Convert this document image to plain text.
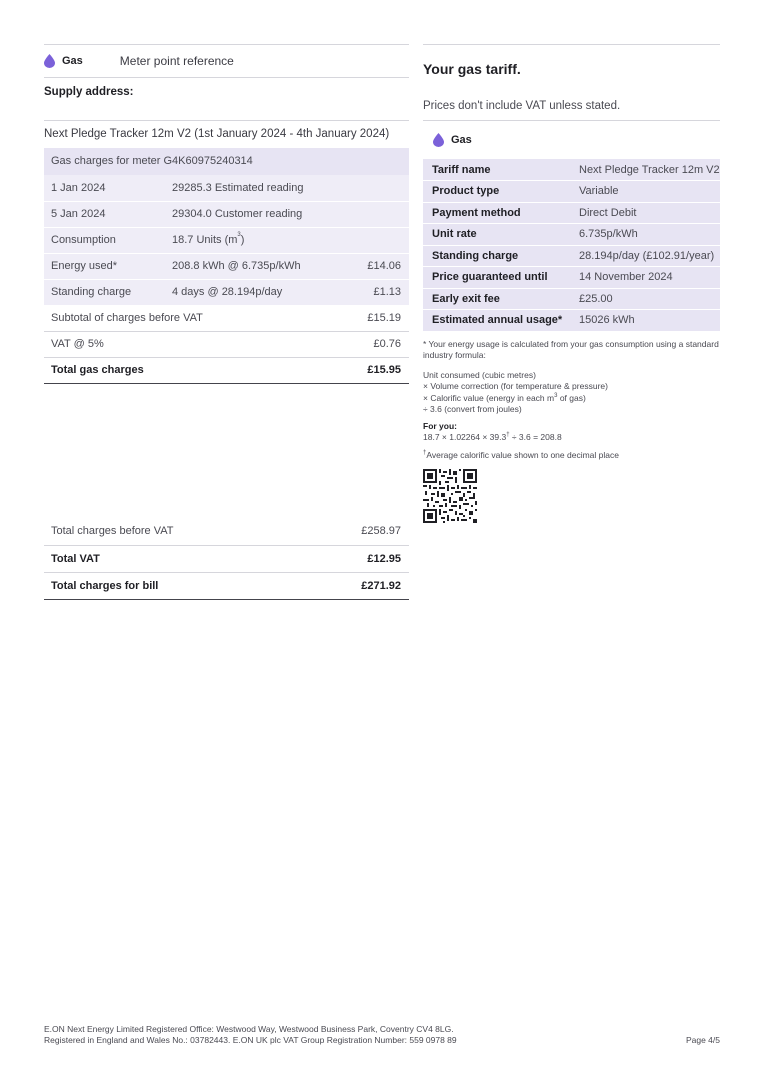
Gas	Meter point reference
Supply address:
Next Pledge Tracker 12m V2 (1st January 2024 - 4th January 2024)
Gas charges for meter G4K60975240314
1 Jan 2024	29285.3 Estimated reading	
5 Jan 2024	29304.0 Customer reading	
Consumption	18.7 Units $(m^3)$	
Energy used*	208.8 kWh @ 6.735p/kWh	£14.06
Standing charge	4 days @ 28.194p/day	£1.13
Subtotal of charges before VAT		£15.19
VAT @ 5%		£0.76
Total gas charges		£15.95
Total charges before VAT	£258.97
Total VAT	£12.95
Total charges for bill	£271.92
Your gas tariff.
Prices don't include VAT unless stated.
Gas
Tariff name	Next Pledge Tracker 12m V2
Product type	Variable
Payment method	Direct Debit
Unit rate	6.735p/kWh
Standing charge	28.194p/day (£102.91/year)
Price guaranteed until	14 November 2024
Early exit fee	£25.00
Estimated annual usage*	15026 kWh
* Your energy usage is calculated from your gas consumption using a standard industry formula:
Unit consumed (cubic metres)
× Volume correction (for temperature & pressure)
× Calorific value (energy in each $m^3$ of gas)
÷ 3.6 (convert from joules)
For you:
18.7 × 1.02264 × 39.3† ÷ 3.6 = 208.8
†Average calorific value shown to one decimal place
E.ON Next Energy Limited Registered Office: Westwood Way, Westwood Business Park, Coventry CV4 8LG.
Registered in England and Wales No.: 03782443. E.ON UK plc VAT Group Registration Number: 559 0978 89	Page 4/5
